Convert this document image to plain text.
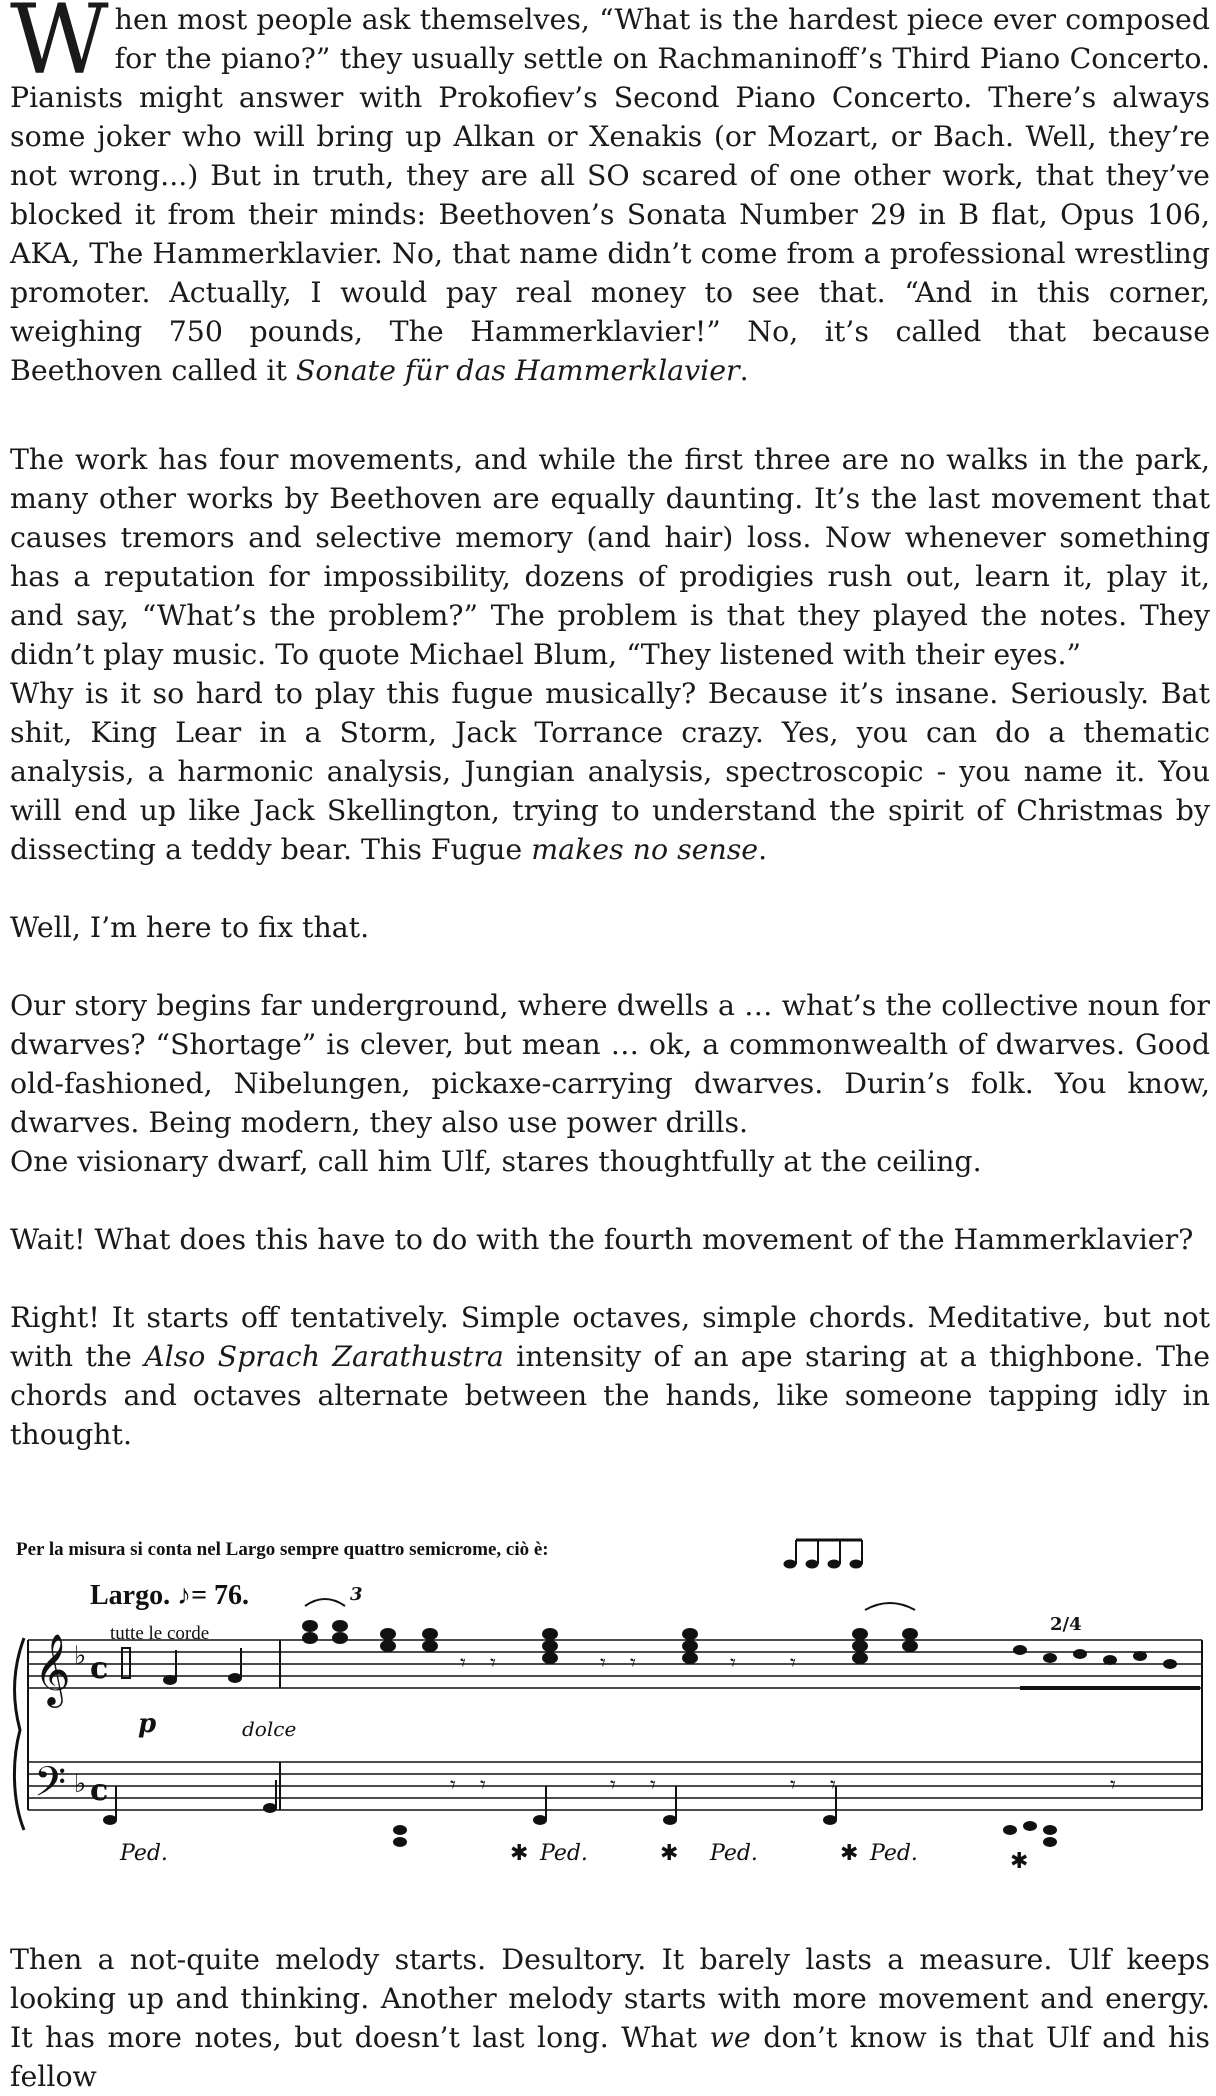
When most people ask themselves, “What is the hardest piece ever composed for the piano?” they usually settle on Rachmaninoff’s Third Piano Concerto. Pianists might answer with Prokofiev’s Second Piano Concerto. There’s always some joker who will bring up Alkan or Xenakis (or Mozart, or Bach. Well, they’re not wrong...) But in truth, they are all SO scared of one other work, that they’ve blocked it from their minds: Beethoven’s Sonata Number 29 in B flat, Opus 106, AKA, The Hammerklavier. No, that name didn’t come from a professional wrestling promoter. Actually, I would pay real money to see that. “And in this corner, weighing 750 pounds, The Hammerklavier!” No, it’s called that because Beethoven called it Sonate für das Hammerklavier.

The work has four movements, and while the first three are no walks in the park, many other works by Beethoven are equally daunting. It’s the last movement that causes tremors and selective memory (and hair) loss. Now whenever something has a reputation for impossibility, dozens of prodigies rush out, learn it, play it, and say, “What’s the problem?” The problem is that they played the notes. They didn’t play music. To quote Michael Blum, “They listened with their eyes.”

Why is it so hard to play this fugue musically? Because it’s insane. Seriously. Bat shit, King Lear in a Storm, Jack Torrance crazy. Yes, you can do a thematic analysis, a harmonic analysis, Jungian analysis, spectroscopic - you name it. You will end up like Jack Skellington, trying to understand the spirit of Christmas by dissecting a teddy bear. This Fugue makes no sense.

Well, I’m here to fix that.

Our story begins far underground, where dwells a … what’s the collective noun for dwarves? “Shortage” is clever, but mean … ok, a commonwealth of dwarves. Good old-fashioned, Nibelungen, pickaxe-carrying dwarves. Durin’s folk. You know, dwarves. Being modern, they also use power drills.

One visionary dwarf, call him Ulf, stares thoughtfully at the ceiling.

Wait! What does this have to do with the fourth movement of the Hammerklavier?

Right! It starts off tentatively. Simple octaves, simple chords. Meditative, but not with the Also Sprach Zarathustra intensity of an ape staring at a thighbone. The chords and octaves alternate between the hands, like someone tapping idly in thought.

Per la misura si conta nel Largo sempre quattro semicrome, ciò è:
Largo. ♪= 76.
tutte le corde
𝄞
𝄢
♭
♭
c
c
𝄾 𝄾	𝄾 𝄾	𝄾 𝄾
𝄾 𝄾	𝄾 𝄾	𝄾 𝄾	𝄾
p	dolce
2/4
3
Ped.	Ped.	Ped.	Ped.
✱	✱	✱	✱

Then a not-quite melody starts. Desultory. It barely lasts a measure. Ulf keeps looking up and thinking. Another melody starts with more movement and energy. It has more notes, but doesn’t last long. What we don’t know is that Ulf and his fellow
